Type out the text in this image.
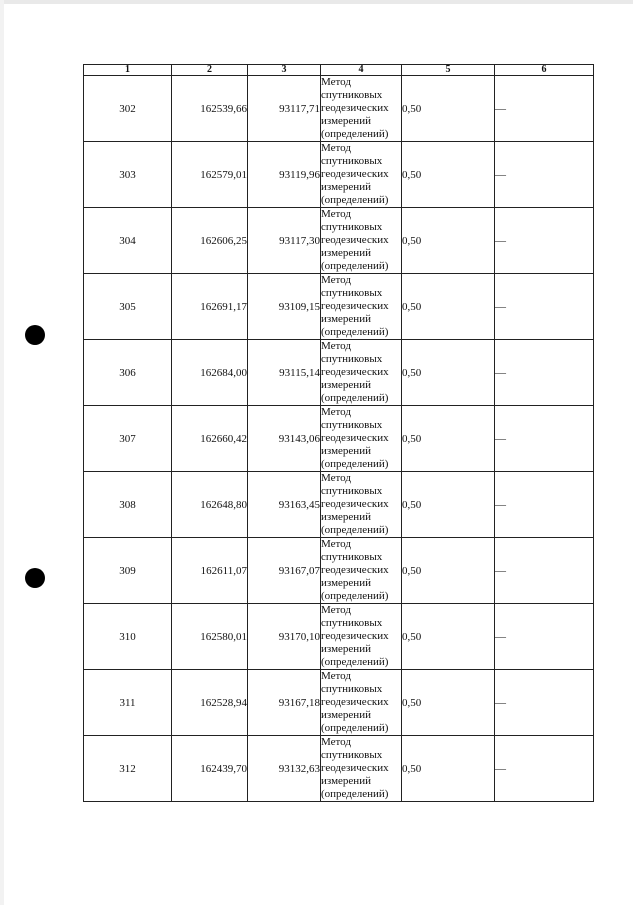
1	2	3	4	5	6
302	162539,66	93117,71	Метод
спутниковых
геодезических
измерений
(определений)	0,50	—
303	162579,01	93119,96	Метод
спутниковых
геодезических
измерений
(определений)	0,50	—
304	162606,25	93117,30	Метод
спутниковых
геодезических
измерений
(определений)	0,50	—
305	162691,17	93109,15	Метод
спутниковых
геодезических
измерений
(определений)	0,50	—
306	162684,00	93115,14	Метод
спутниковых
геодезических
измерений
(определений)	0,50	—
307	162660,42	93143,06	Метод
спутниковых
геодезических
измерений
(определений)	0,50	—
308	162648,80	93163,45	Метод
спутниковых
геодезических
измерений
(определений)	0,50	—
309	162611,07	93167,07	Метод
спутниковых
геодезических
измерений
(определений)	0,50	—
310	162580,01	93170,10	Метод
спутниковых
геодезических
измерений
(определений)	0,50	—
311	162528,94	93167,18	Метод
спутниковых
геодезических
измерений
(определений)	0,50	—
312	162439,70	93132,63	Метод
спутниковых
геодезических
измерений
(определений)	0,50	—
